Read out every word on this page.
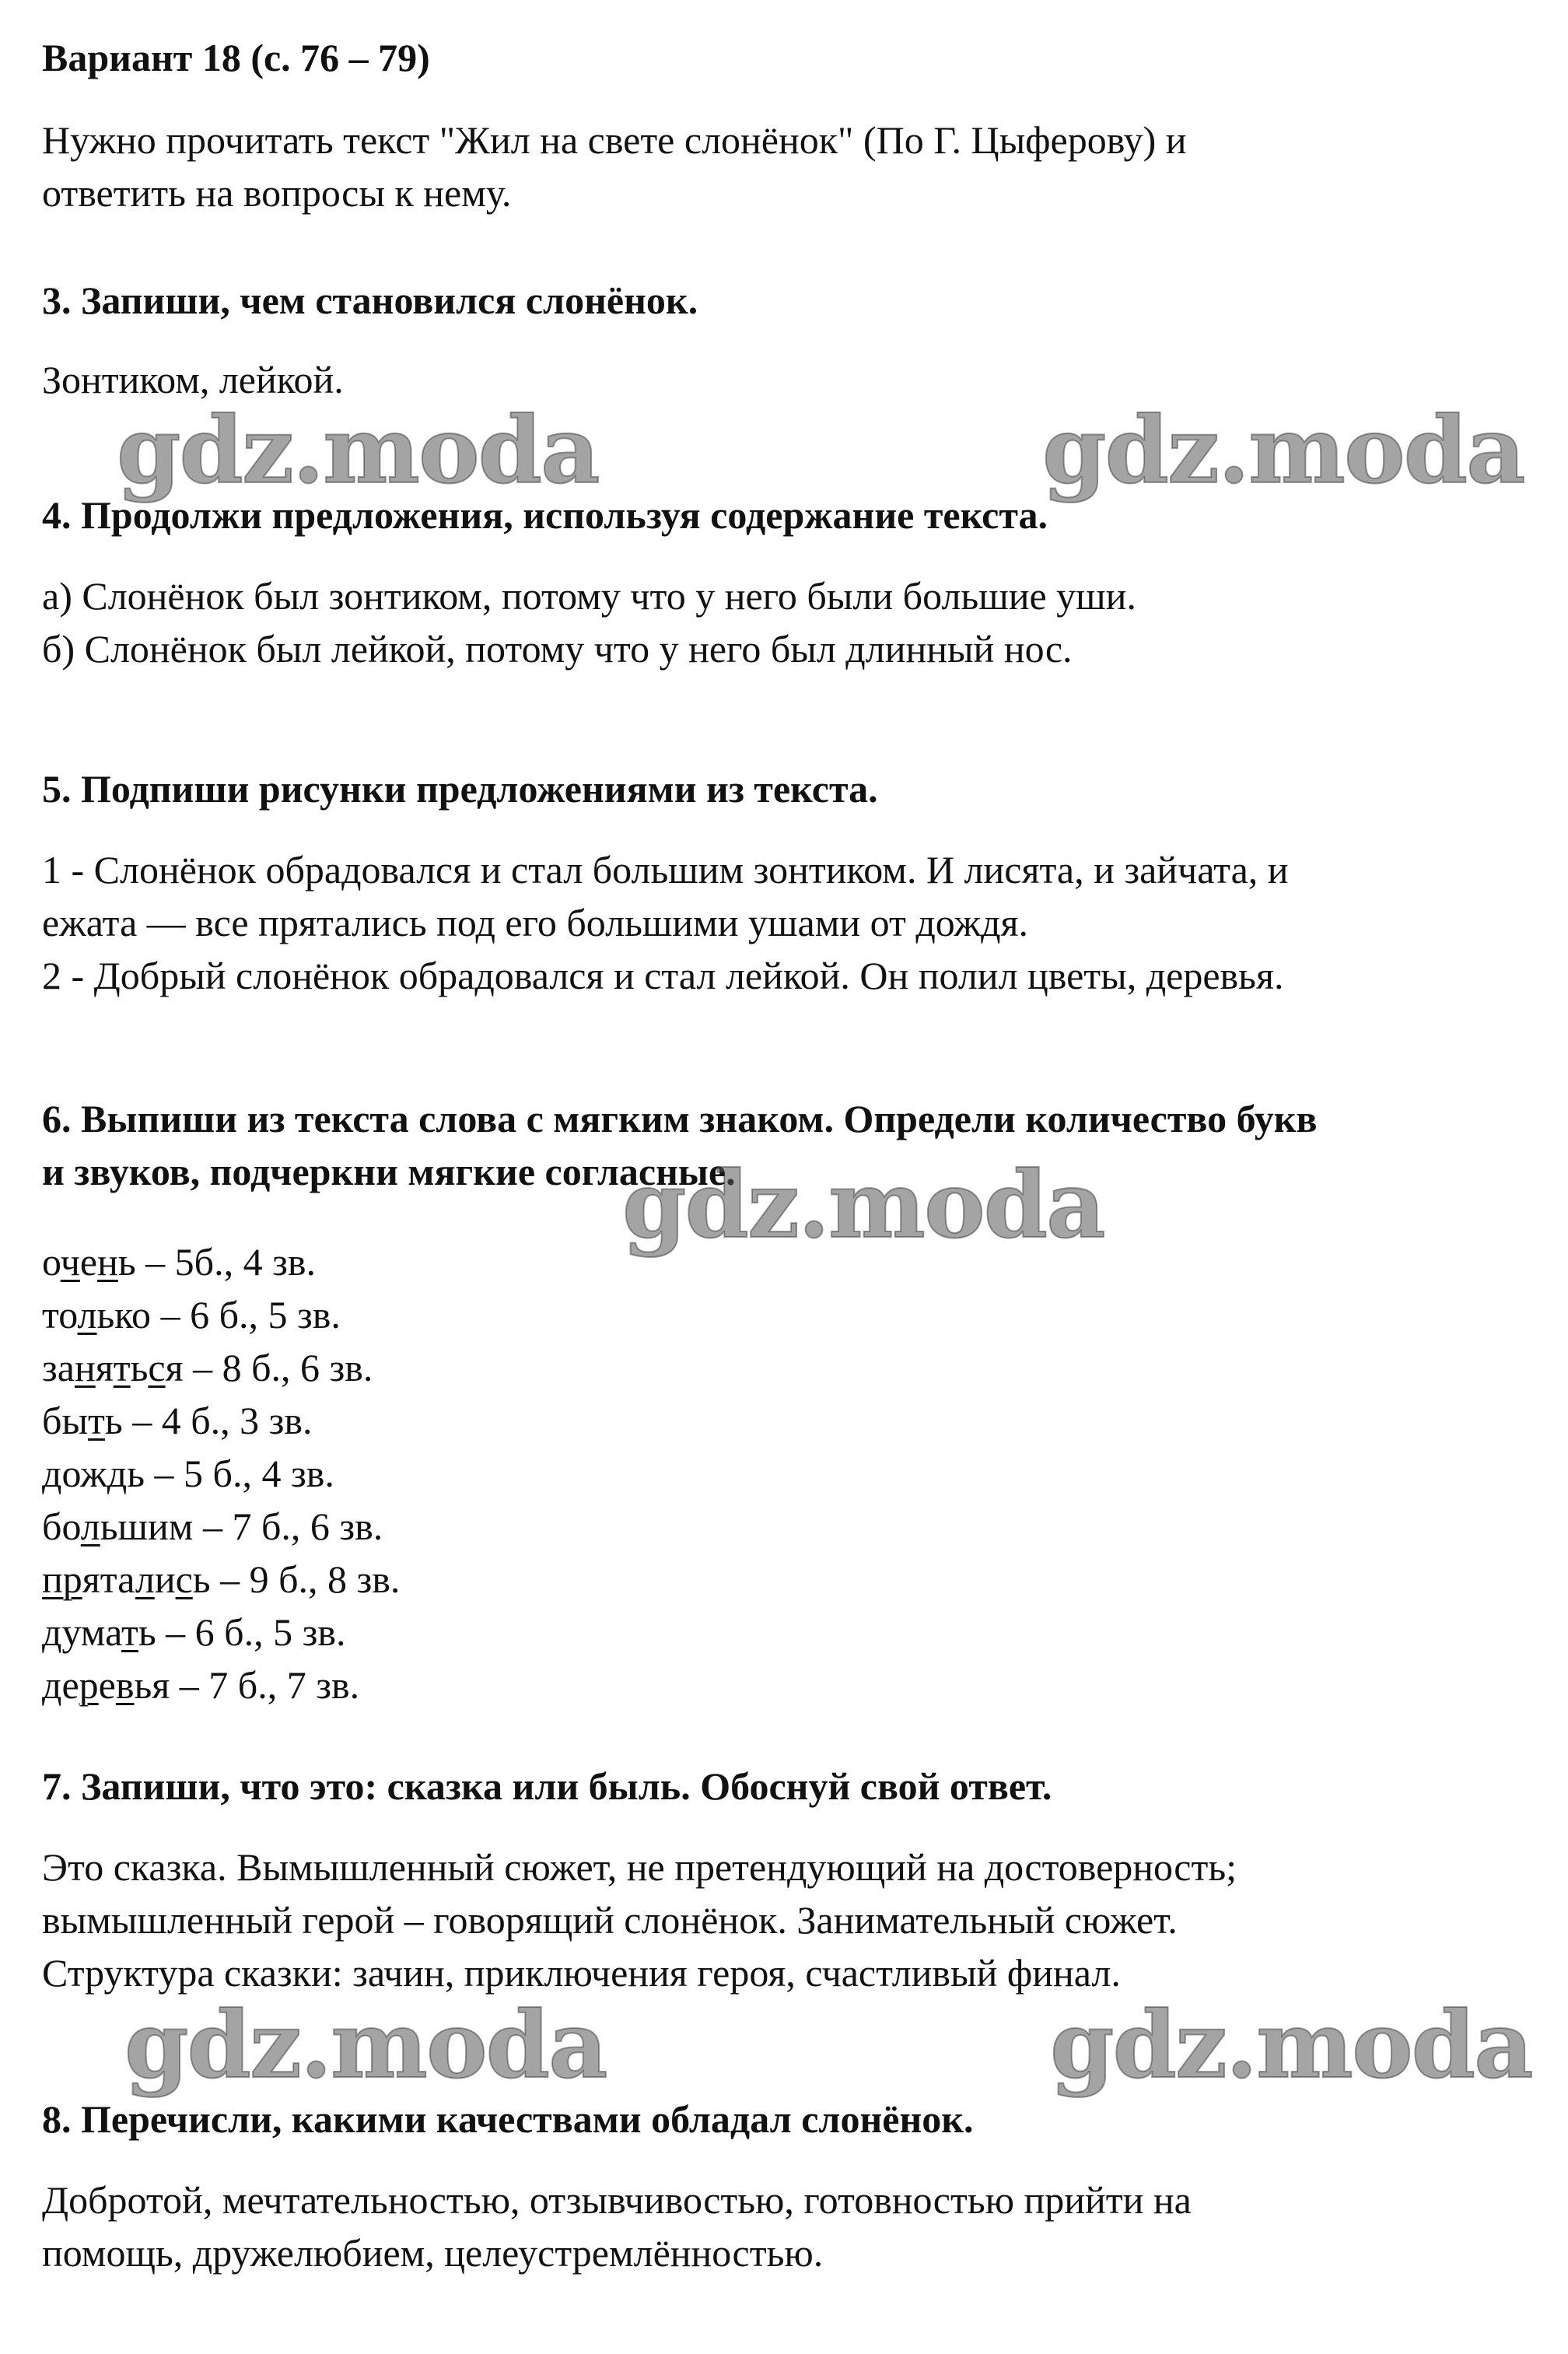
Вариант 18 (с. 76 – 79)

Нужно прочитать текст "Жил на свете слонёнок" (По Г. Цыферову) и
ответить на вопросы к нему.

3. Запиши, чем становился слонёнок.

Зонтиком, лейкой.

4. Продолжи предложения, используя содержание текста.

а) Слонёнок был зонтиком, потому что у него были большие уши.
б) Слонёнок был лейкой, потому что у него был длинный нос.

5. Подпиши рисунки предложениями из текста.

1 - Слонёнок обрадовался и стал большим зонтиком. И лисята, и зайчата, и
ежата — все прятались под его большими ушами от дождя.
2 - Добрый слонёнок обрадовался и стал лейкой. Он полил цветы, деревья.

6. Выпиши из текста слова с мягким знаком. Определи количество букв
и звуков, подчеркни мягкие согласные.

очень – 5б., 4 зв.
только – 6 б., 5 зв.
заняться – 8 б., 6 зв.
быть – 4 б., 3 зв.
дождь – 5 б., 4 зв.
большим – 7 б., 6 зв.
прятались – 9 б., 8 зв.
думать – 6 б., 5 зв.
деревья – 7 б., 7 зв.

7. Запиши, что это: сказка или быль. Обоснуй свой ответ.

Это сказка. Вымышленный сюжет, не претендующий на достоверность;
вымышленный герой – говорящий слонёнок. Занимательный сюжет.
Структура сказки: зачин, приключения героя, счастливый финал.

8. Перечисли, какими качествами обладал слонёнок.

Добротой, мечтательностью, отзывчивостью, готовностью прийти на
помощь, дружелюбием, целеустремлённостью.

gdz.moda	gdz.moda
gdz.moda
gdz.moda	gdz.moda
